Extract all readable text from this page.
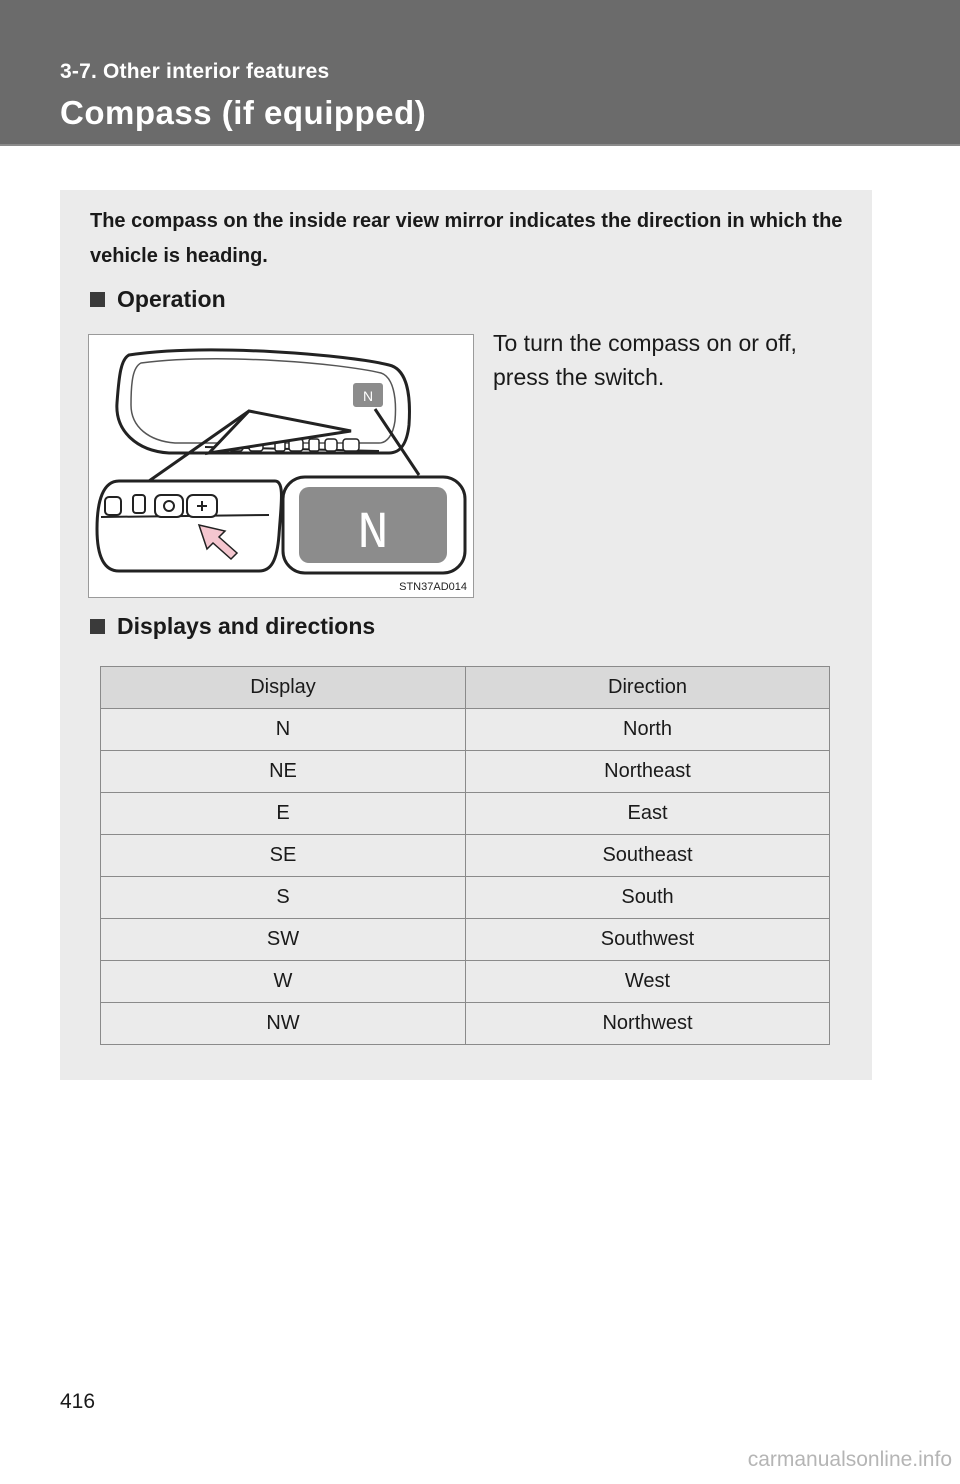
3-7. Other interior features
Compass (if equipped)
The compass on the inside rear view mirror indicates the direction in which the vehicle is heading.
Operation
N
N
STN37AD014
To turn the compass on or off, press the switch.
Displays and directions
Display	Direction
N	North
NE	Northeast
E	East
SE	Southeast
S	South
SW	Southwest
W	West
NW	Northwest
416
carmanualsonline.info
